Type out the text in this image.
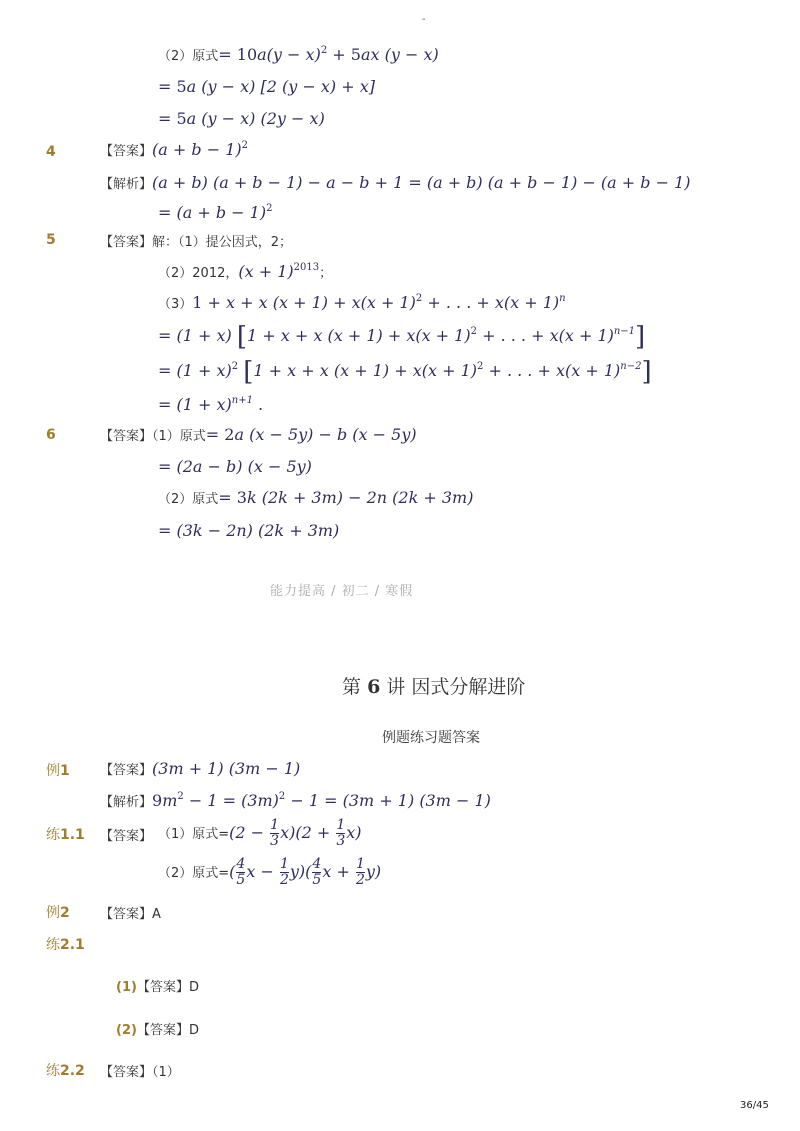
-
（2）原式= $10a(y - x)^2 + 5ax$ (y − x)
= 5a (y − x) [2 (y − x) + x]
= 5a (y − x) (2y − x)
4	【答案】$(a + b - 1)^2$
【解析】(a + b) (a + b − 1) − a − b + 1 = (a + b) (a + b − 1) − (a + b − 1)
= $(a + b - 1)^2$
5	【答案】解：（1）提公因式，2；
（2）2012，$(x + 1)^{2013}$；
（3）1 + x + x $(x + 1) + x(x + 1)^2$ + . . . + $x(x + 1)^n$
= (1 + x) [1 + x + x $(x + 1) + x(x + 1)^2$ + . . . + $x(x + 1)^{n-1}$]
= $(1 + x)^2$ [1 + x + x $(x + 1) + x(x + 1)^2$ + . . . + $x(x + 1)^{n-2}$]
= $(1 + x)^{n+1}$ .
6	【答案】（1）原式= 2a (x − 5y) − b (x − 5y)
= (2a − b) (x − 5y)
（2）原式= 3k (2k + 3m) − 2n (2k + 3m)
= (3k − 2n) (2k + 3m)
能力提高 / 初二 / 寒假
第 6 讲 因式分解进阶
例题练习题答案
例1 【答案】(3m + 1) (3m − 1)
【解析】$9m^2 - 1 = (3m)^2 - 1 = (3m + 1) (3m - 1)$
练1.1 【答案】 （1）原式$=(2 - \frac{1}{3} x)(2 + \frac{1}{3} x)$
（2）原式=( $\frac{4}{5}$ $x - \frac{1}{2} y)( \frac{4}{5}$ $x + \frac{1}{2} y$)
例2 【答案】A
练2.1
(1)【答案】D
(2)【答案】D
练2.2 【答案】（1）
36/45
